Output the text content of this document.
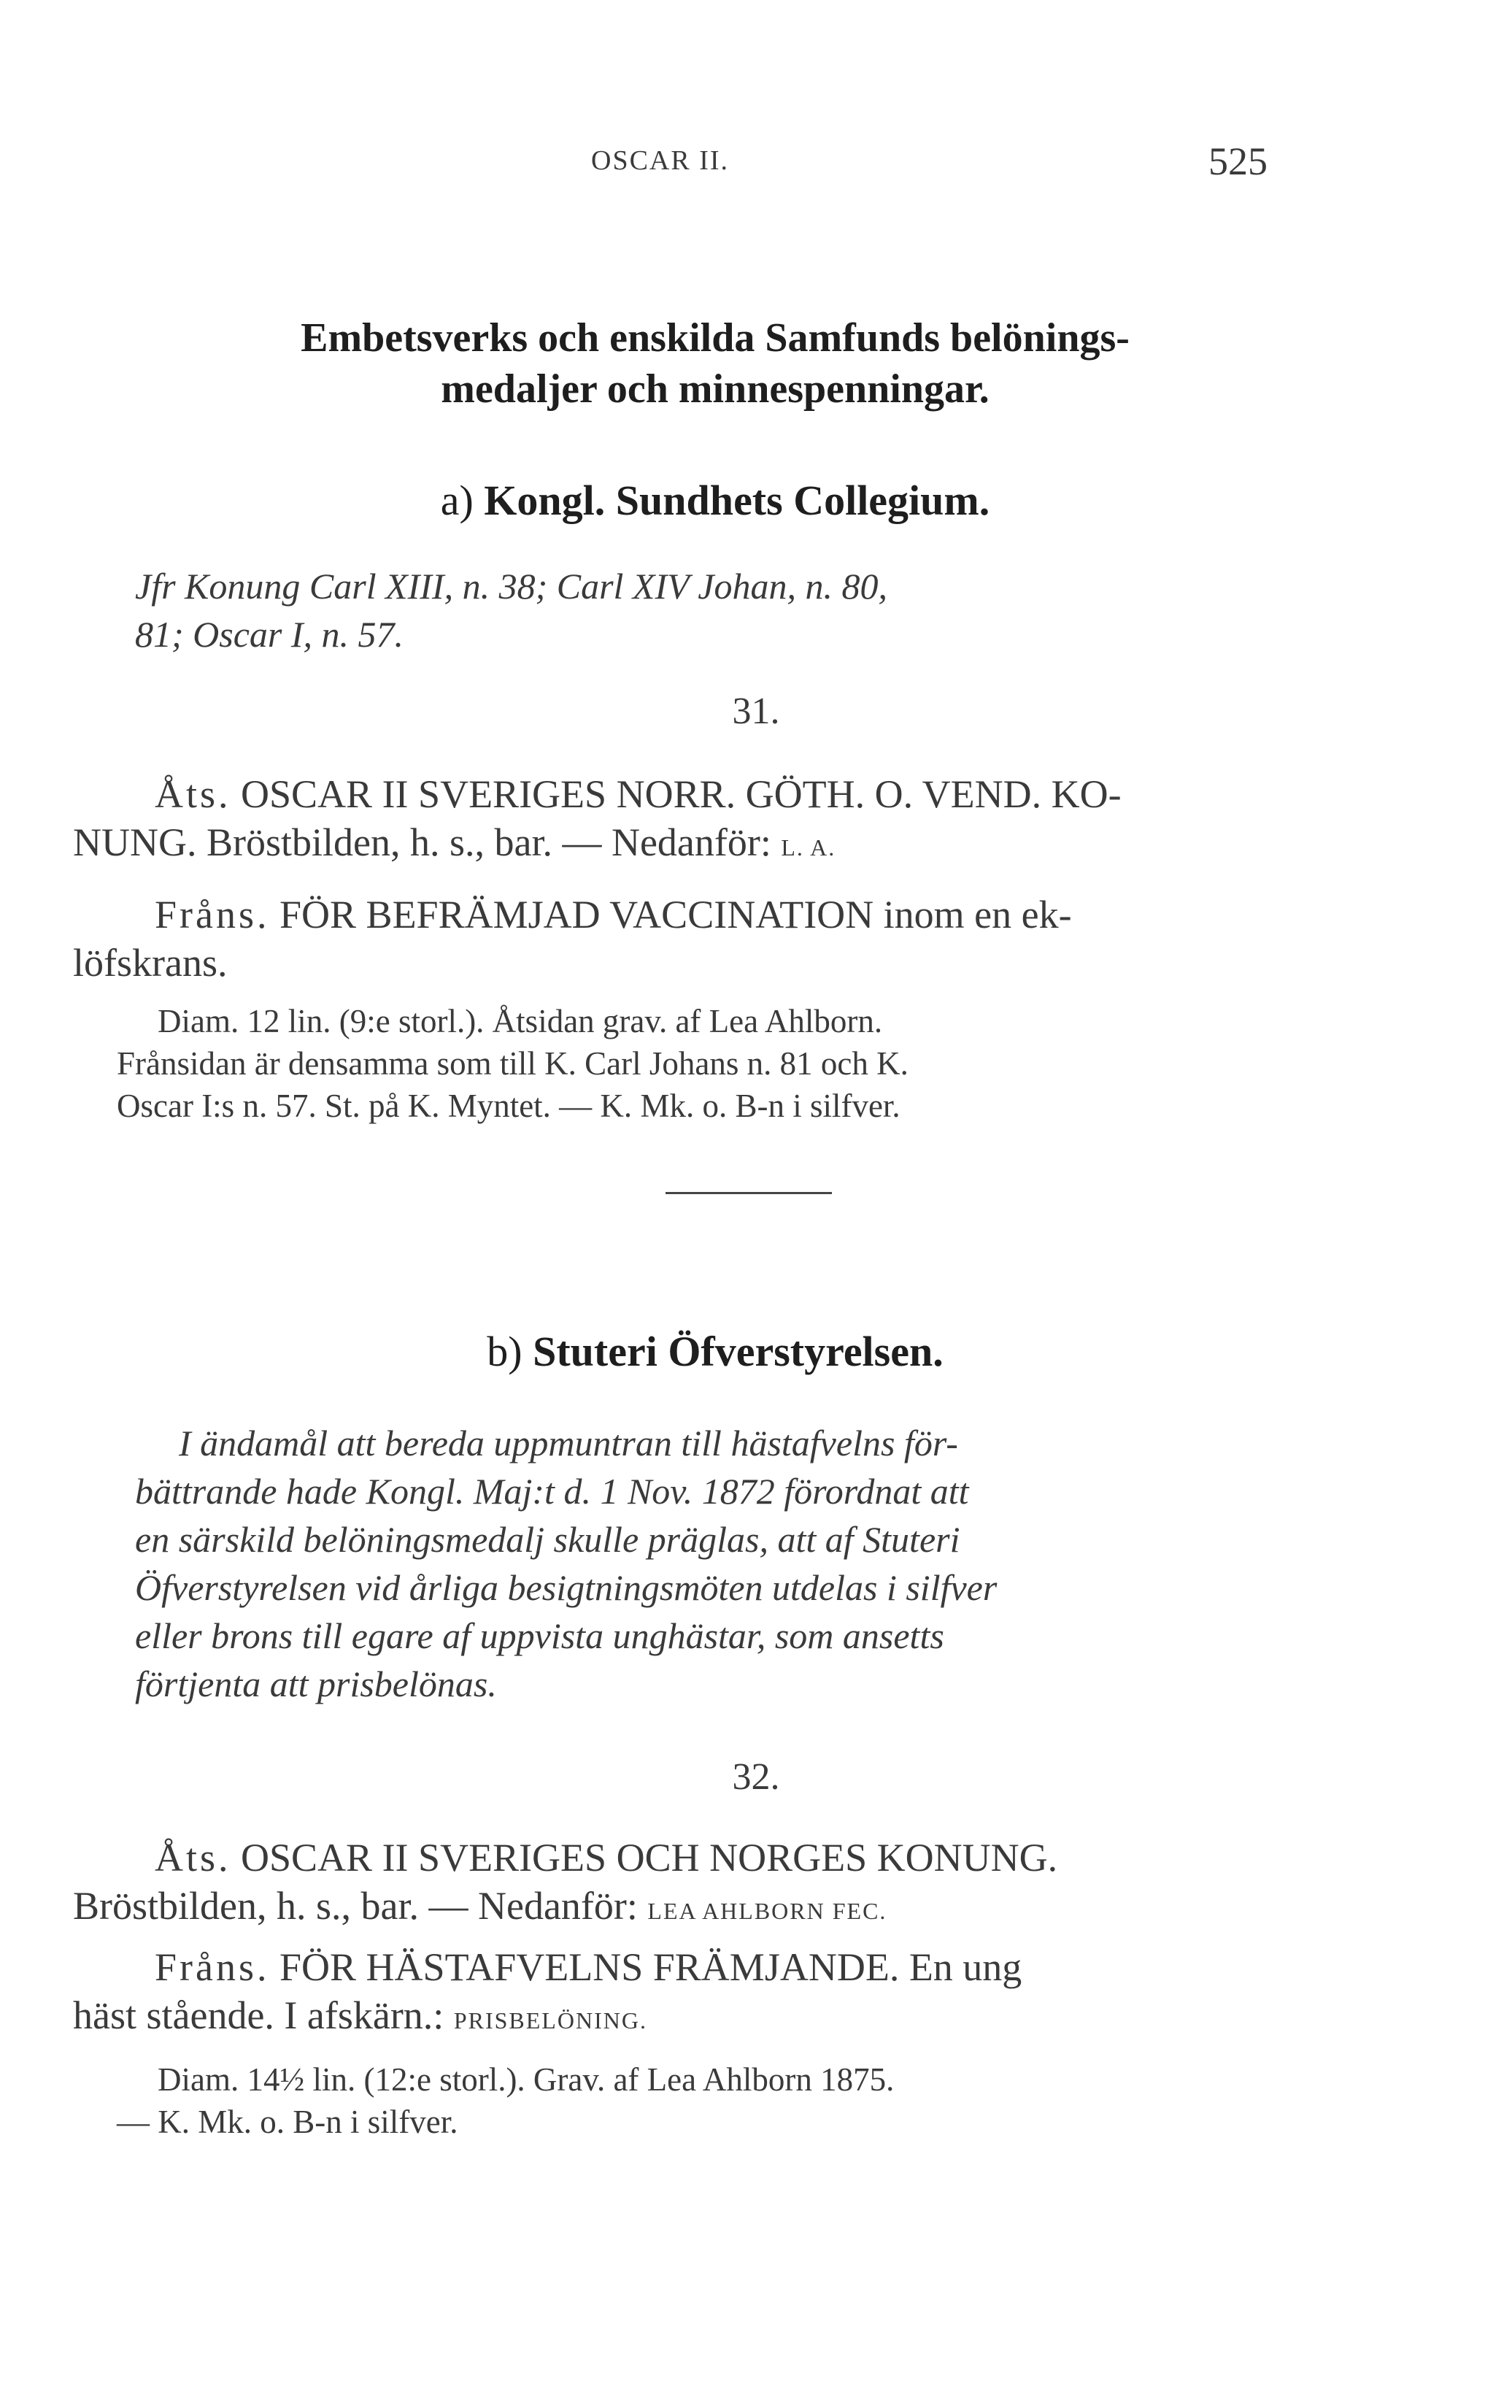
OSCAR II.	525
Embetsverks och enskilda Samfunds belönings-
medaljer och minnespenningar.
a) Kongl. Sundhets Collegium.
Jfr Konung Carl XIII, n. 38; Carl XIV Johan, n. 80,
81; Oscar I, n. 57.
31.
Åts. OSCAR II SVERIGES NORR. GÖTH. O. VEND. KO-
NUNG. Bröstbilden, h. s., bar. — Nedanför: L. A.
Fråns. FÖR BEFRÄMJAD VACCINATION inom en ek-
löfskrans.
Diam. 12 lin. (9:e storl.). Åtsidan grav. af Lea Ahlborn.
Frånsidan är densamma som till K. Carl Johans n. 81 och K.
Oscar I:s n. 57. St. på K. Myntet. — K. Mk. o. B-n i silfver.
b) Stuteri Öfverstyrelsen.
I ändamål att bereda uppmuntran till hästafvelns för-
bättrande hade Kongl. Maj:t d. 1 Nov. 1872 förordnat att
en särskild belöningsmedalj skulle präglas, att af Stuteri
Öfverstyrelsen vid årliga besigtningsmöten utdelas i silfver
eller brons till egare af uppvista unghästar, som ansetts
förtjenta att prisbelönas.
32.
Åts. OSCAR II SVERIGES OCH NORGES KONUNG.
Bröstbilden, h. s., bar. — Nedanför: LEA AHLBORN FEC.
Fråns. FÖR HÄSTAFVELNS FRÄMJANDE. En ung
häst stående. I afskärn.: PRISBELÖNING.
Diam. 14½ lin. (12:e storl.). Grav. af Lea Ahlborn 1875.
— K. Mk. o. B-n i silfver.
